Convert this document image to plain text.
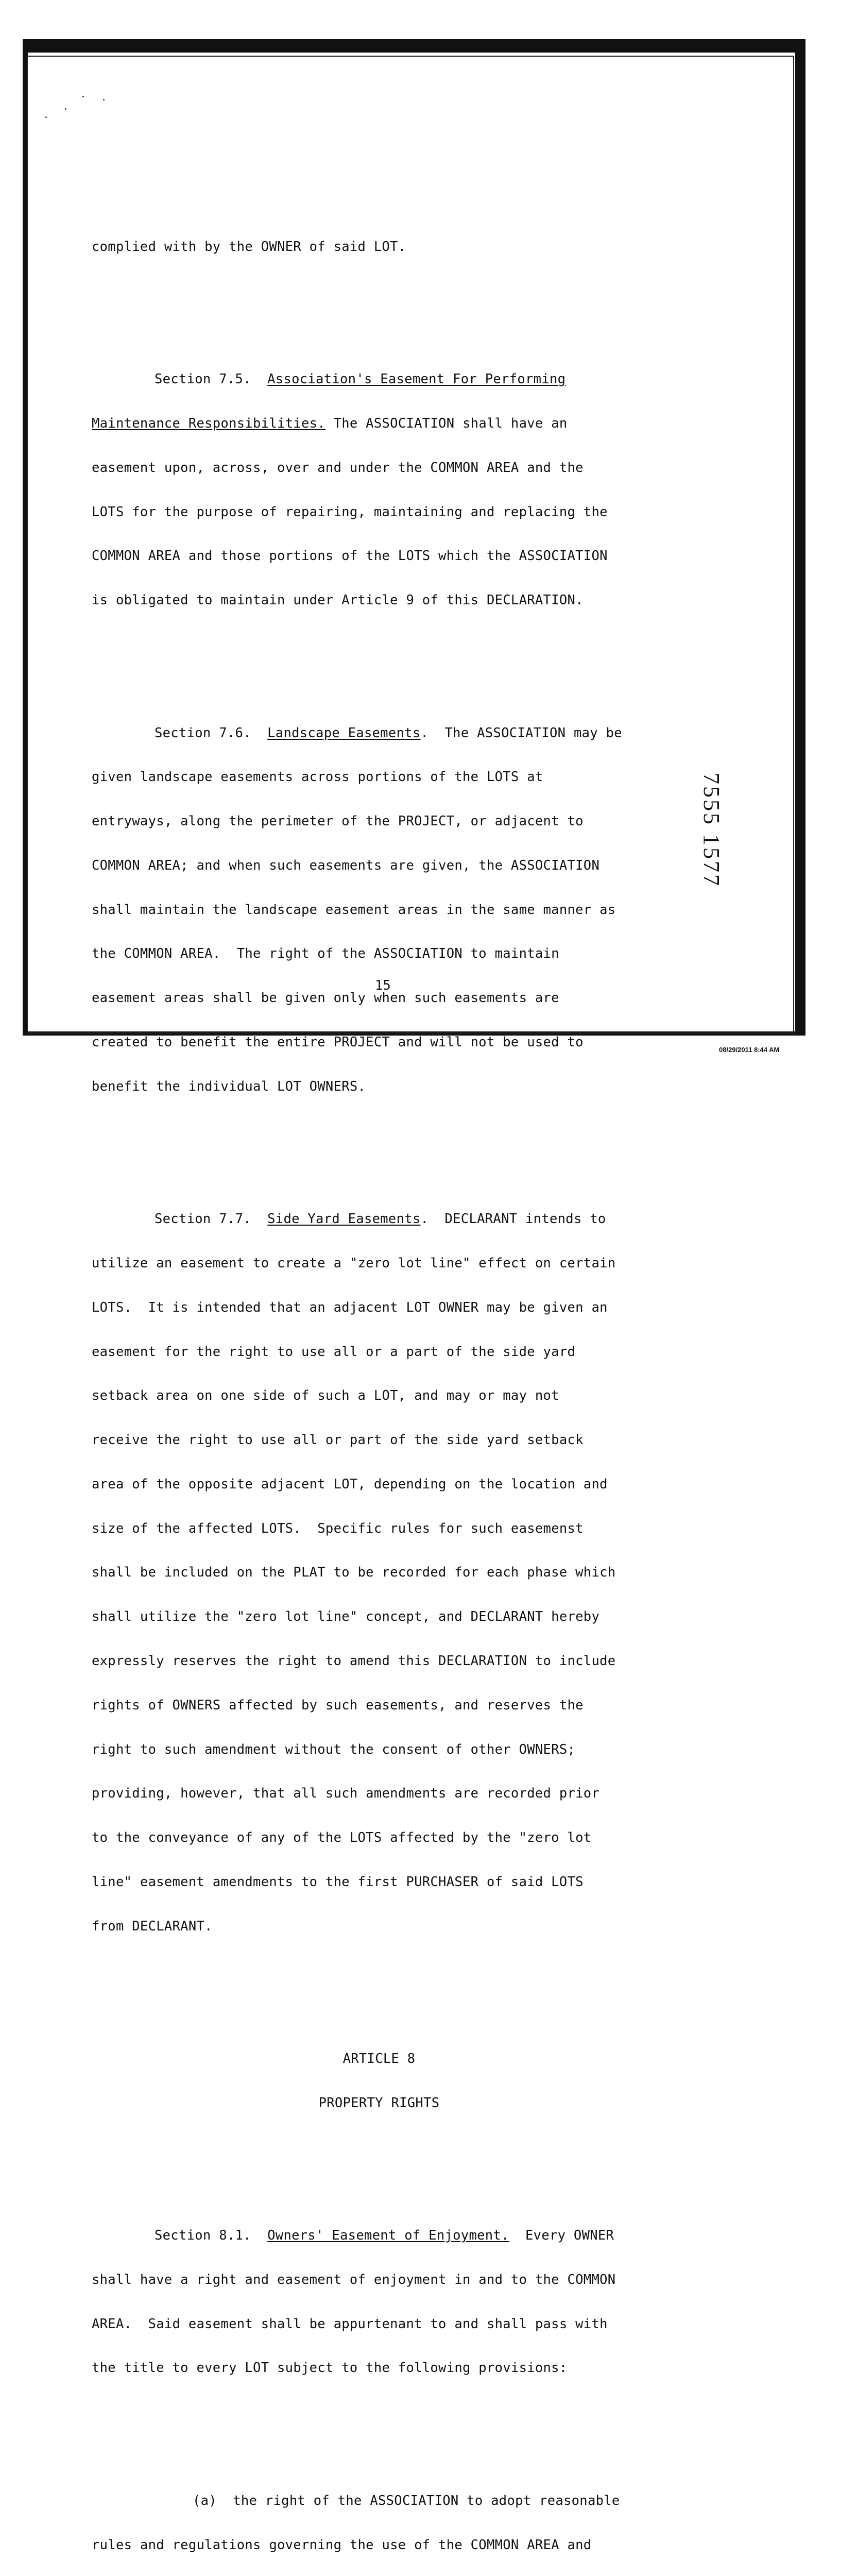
complied with by the OWNER of said LOT.

Section 7.5. Association's Easement For Performing

Maintenance Responsibilities. The ASSOCIATION shall have an

easement upon, across, over and under the COMMON AREA and the

LOTS for the purpose of repairing, maintaining and replacing the

COMMON AREA and those portions of the LOTS which the ASSOCIATION

is obligated to maintain under Article 9 of this DECLARATION.

Section 7.6. Landscape Easements.  The ASSOCIATION may be

given landscape easements across portions of the LOTS at

entryways, along the perimeter of the PROJECT, or adjacent to

COMMON AREA; and when such easements are given, the ASSOCIATION

shall maintain the landscape easement areas in the same manner as

the COMMON AREA.  The right of the ASSOCIATION to maintain

easement areas shall be given only when such easements are

created to benefit the entire PROJECT and will not be used to

benefit the individual LOT OWNERS.

Section 7.7. Side Yard Easements.  DECLARANT intends to

utilize an easement to create a "zero lot line" effect on certain

LOTS.  It is intended that an adjacent LOT OWNER may be given an

easement for the right to use all or a part of the side yard

setback area on one side of such a LOT, and may or may not

receive the right to use all or part of the side yard setback

area of the opposite adjacent LOT, depending on the location and

size of the affected LOTS.  Specific rules for such easemenst

shall be included on the PLAT to be recorded for each phase which

shall utilize the "zero lot line" concept, and DECLARANT hereby

expressly reserves the right to amend this DECLARATION to include

rights of OWNERS affected by such easements, and reserves the

right to such amendment without the consent of other OWNERS;

providing, however, that all such amendments are recorded prior

to the conveyance of any of the LOTS affected by the "zero lot

line" easement amendments to the first PURCHASER of said LOTS

from DECLARANT.

ARTICLE 8

PROPERTY RIGHTS

Section 8.1. Owners' Easement of Enjoyment.  Every OWNER

shall have a right and easement of enjoyment in and to the COMMON

AREA.  Said easement shall be appurtenant to and shall pass with

the title to every LOT subject to the following provisions:

(a)  the right of the ASSOCIATION to adopt reasonable

rules and regulations governing the use of the COMMON AREA and

15
7555 1577
08/29/2011 8:44 AM
